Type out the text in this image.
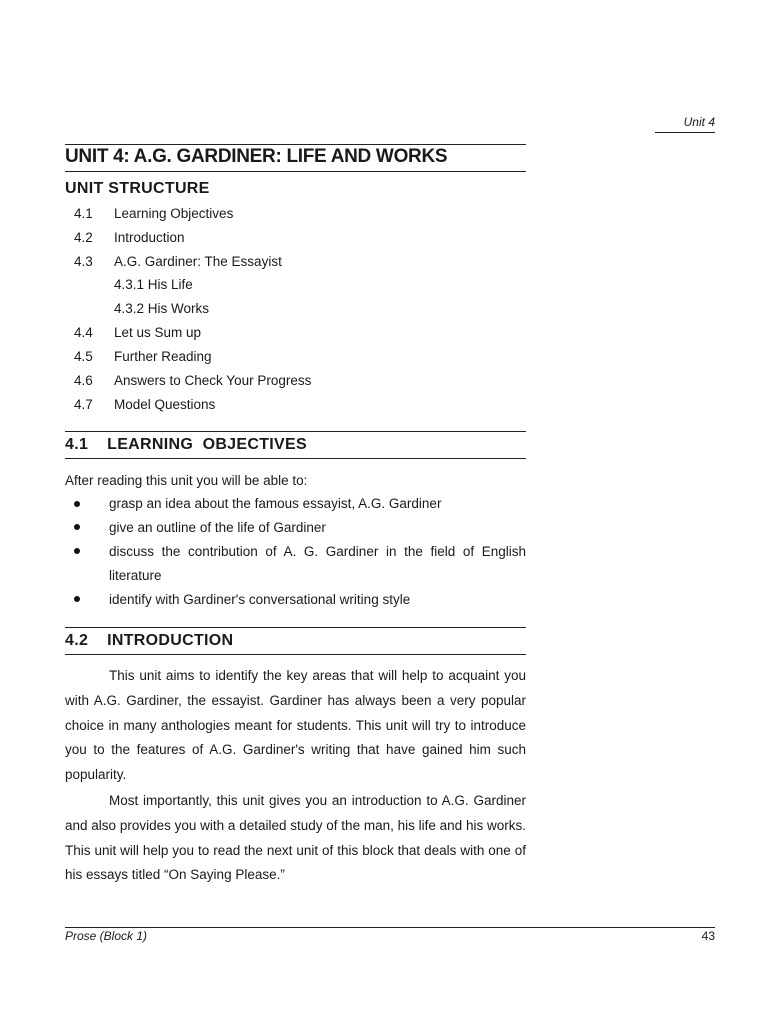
Unit 4
UNIT 4: A.G. GARDINER: LIFE AND WORKS
UNIT STRUCTURE
4.1 Learning Objectives
4.2 Introduction
4.3 A.G. Gardiner: The Essayist
4.3.1 His Life
4.3.2 His Works
4.4 Let us Sum up
4.5 Further Reading
4.6 Answers to Check Your Progress
4.7 Model Questions
4.1    LEARNING  OBJECTIVES
After reading this unit you will be able to:
grasp an idea about the famous essayist, A.G. Gardiner
give an outline of the life of Gardiner
discuss the contribution of A. G. Gardiner in the field of English literature
identify with Gardiner's conversational writing style
4.2    INTRODUCTION
This unit aims to identify the key areas that will help to acquaint you with A.G. Gardiner, the essayist. Gardiner has always been a very popular choice in many anthologies meant for students. This unit will try to introduce you to the features of A.G. Gardiner's writing that have gained him such popularity.
Most importantly, this unit gives you an introduction to A.G. Gardiner and also provides you with a detailed study of the man, his life and his works. This unit will help you to read the next unit of this block that deals with one of his essays titled “On Saying Please.”
Prose (Block 1)	43
